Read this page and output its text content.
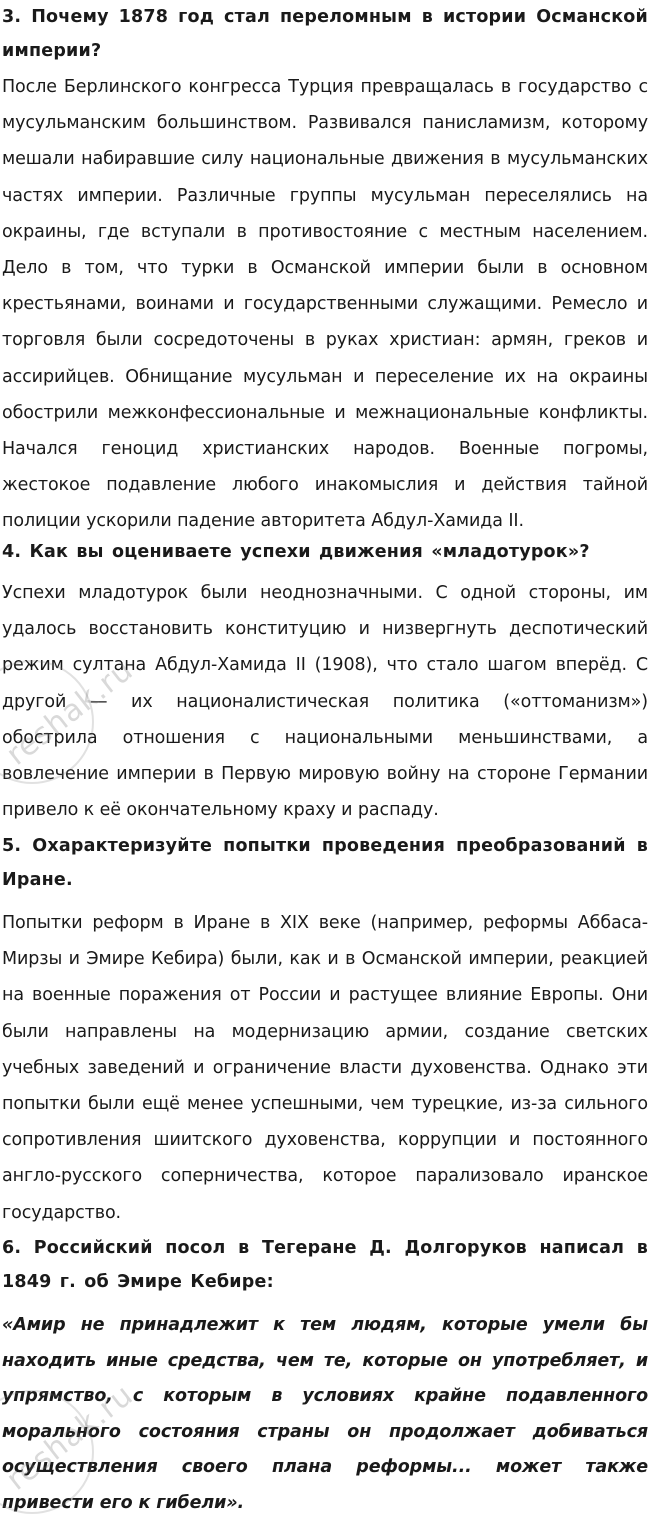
3. Почему 1878 год стал переломным в истории Османской империи?

После Берлинского конгресса Турция превращалась в государство с мусульманским большинством. Развивался панисламизм, которому мешали набиравшие силу национальные движения в мусульманских частях империи. Различные группы мусульман переселялись на окраины, где вступали в противостояние с местным населением. Дело в том, что турки в Османской империи были в основном крестьянами, воинами и государственными служащими. Ремесло и торговля были сосредоточены в руках христиан: армян, греков и ассирийцев. Обнищание мусульман и переселение их на окраины обострили межконфессиональные и межнациональные конфликты. Начался геноцид христианских народов. Военные погромы, жестокое подавление любого инакомыслия и действия тайной полиции ускорили падение авторитета Абдул-Хамида II.

4. Как вы оцениваете успехи движения «младотурок»?

Успехи младотурок были неоднозначными. С одной стороны, им удалось восстановить конституцию и низвергнуть деспотический режим султана Абдул-Хамида II (1908), что стало шагом вперёд. С другой — их националистическая политика («оттоманизм») обострила отношения с национальными меньшинствами, а вовлечение империи в Первую мировую войну на стороне Германии привело к её окончательному краху и распаду.

5. Охарактеризуйте попытки проведения преобразований в Иране.

Попытки реформ в Иране в XIX веке (например, реформы Аббаса-Мирзы и Эмире Кебира) были, как и в Османской империи, реакцией на военные поражения от России и растущее влияние Европы. Они были направлены на модернизацию армии, создание светских учебных заведений и ограничение власти духовенства. Однако эти попытки были ещё менее успешными, чем турецкие, из-за сильного сопротивления шиитского духовенства, коррупции и постоянного англо-русского соперничества, которое парализовало иранское государство.

6. Российский посол в Тегеране Д. Долгоруков написал в 1849 г. об Эмире Кебире:

«Амир не принадлежит к тем людям, которые умели бы находить иные средства, чем те, которые он употребляет, и упрямство, с которым в условиях крайне подавленного морального состояния страны он продолжает добиваться осуществления своего плана реформы... может также привести его к гибели».

reshak.ru
reshak.ru
